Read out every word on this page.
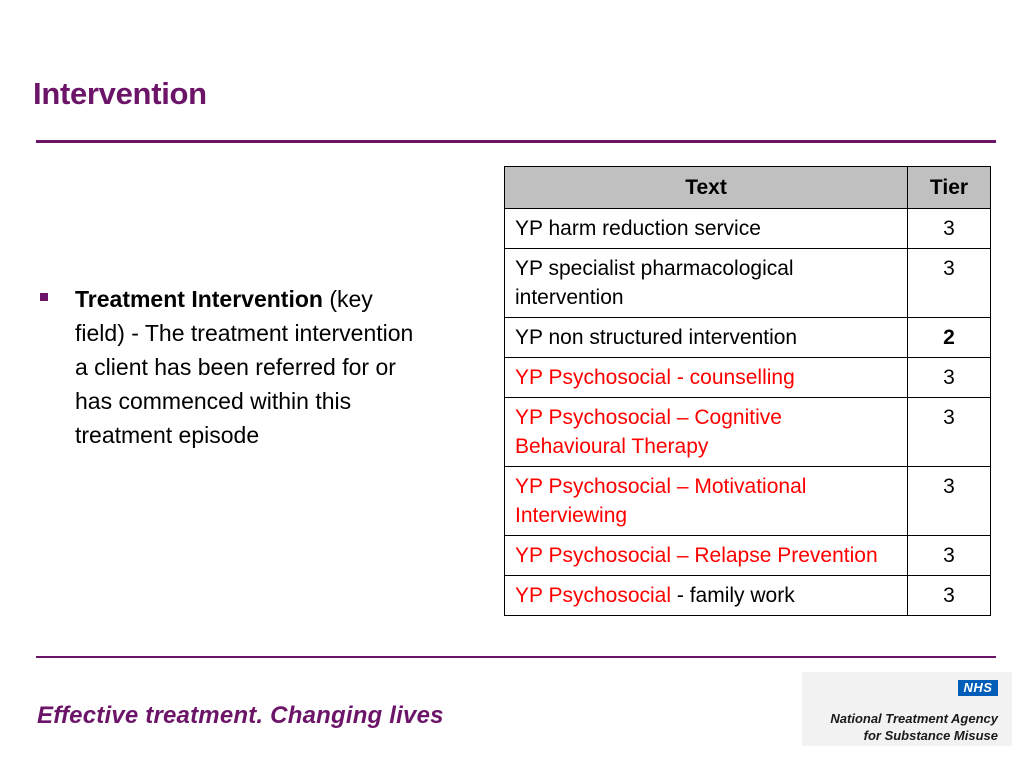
Intervention
Treatment Intervention (key field) - The treatment intervention a client has been referred for or has commenced within this treatment episode
Text	Tier
YP harm reduction service	3
YP specialist pharmacological intervention	3
YP non structured intervention	2
YP Psychosocial - counselling	3
YP Psychosocial – Cognitive Behavioural Therapy	3
YP Psychosocial – Motivational Interviewing	3
YP Psychosocial – Relapse Prevention	3
YP Psychosocial - family work	3
Effective treatment. Changing lives
NHS
National Treatment Agency
for Substance Misuse
